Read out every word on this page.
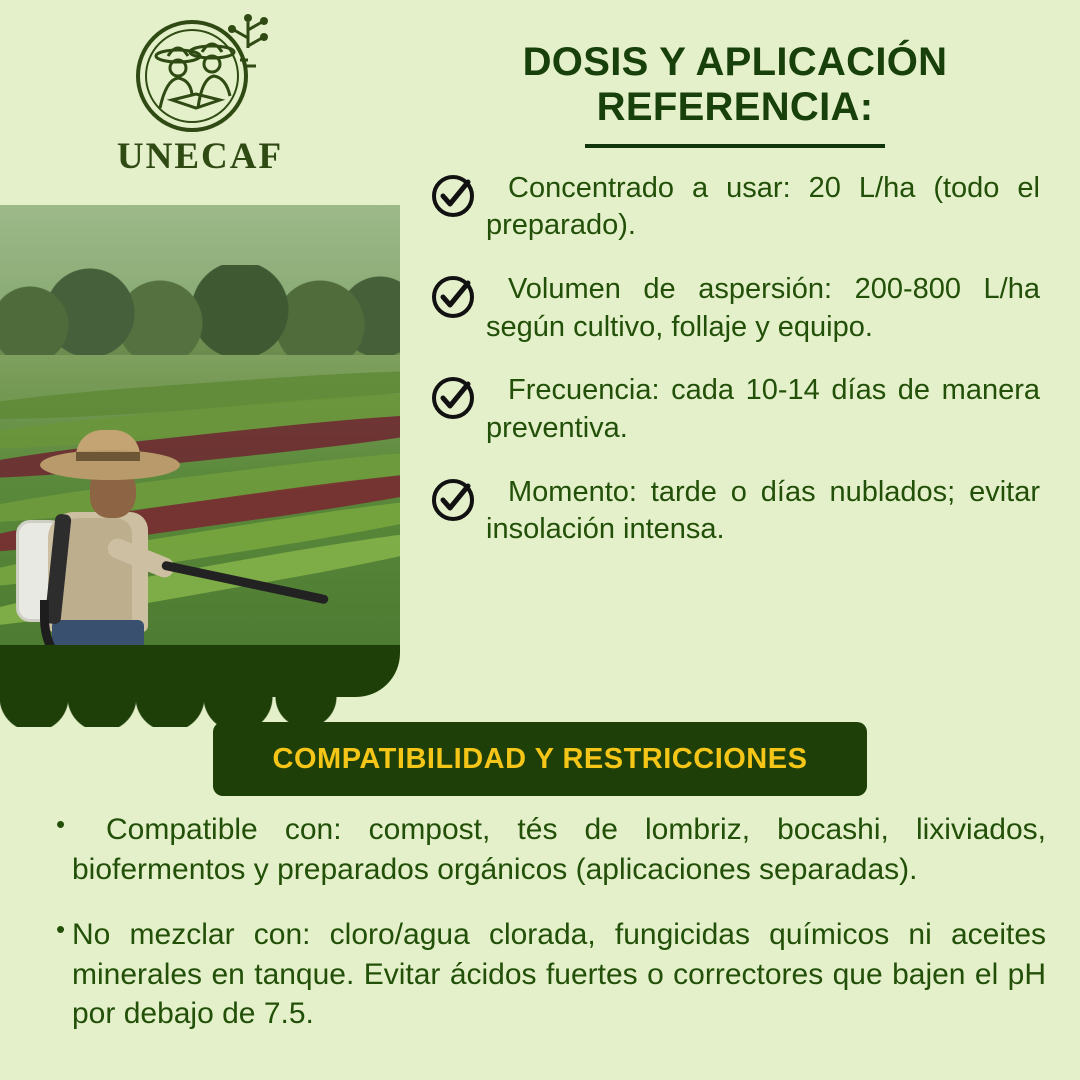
UNECAF
DOSIS Y APLICACIÓN
REFERENCIA:
Concentrado a usar: 20 L/ha (todo el preparado).
Volumen de aspersión: 200-800 L/ha según cultivo, follaje y equipo.
Frecuencia: cada 10-14 días de manera preventiva.
Momento: tarde o días nublados; evitar insolación intensa.
COMPATIBILIDAD Y RESTRICCIONES
•	Compatible con: compost, tés de lombriz, bocashi, lixiviados, biofermentos y preparados orgánicos (aplicaciones separadas).
• No mezclar con: cloro/agua clorada, fungicidas químicos ni aceites minerales en tanque. Evitar ácidos fuertes o correctores que bajen el pH por debajo de 7.5.
